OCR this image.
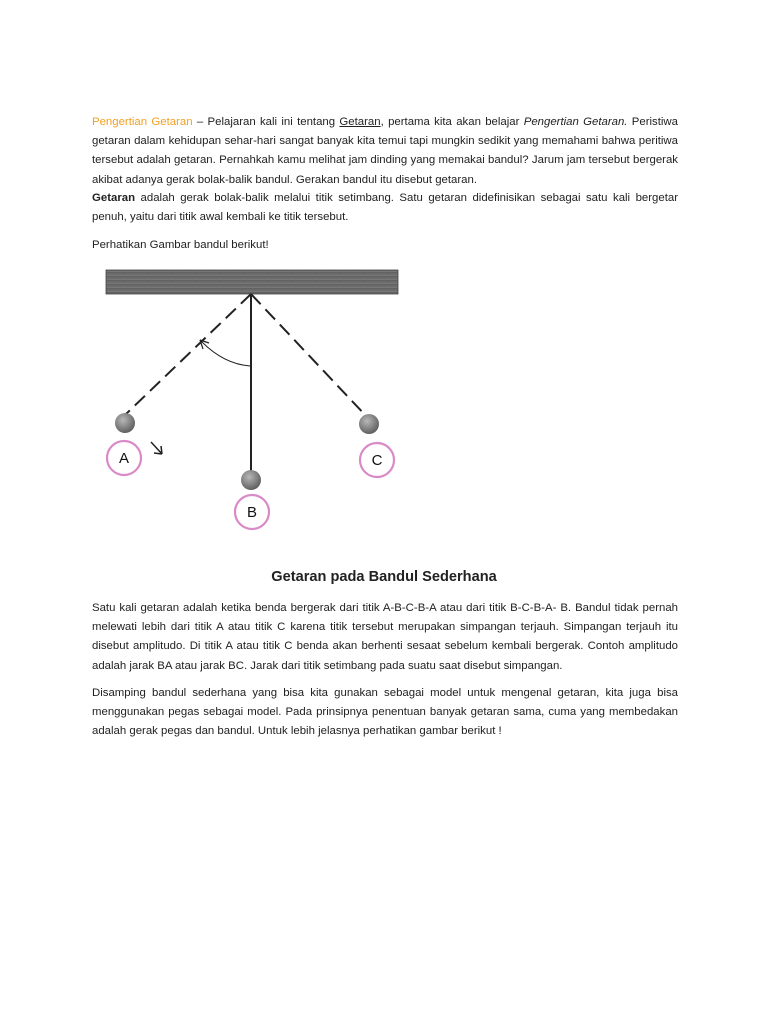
Pengertian Getaran – Pelajaran kali ini tentang Getaran, pertama kita akan belajar Pengertian Getaran. Peristiwa getaran dalam kehidupan sehar-hari sangat banyak kita temui tapi mungkin sedikit yang memahami bahwa peritiwa tersebut adalah getaran. Pernahkah kamu melihat jam dinding yang memakai bandul? Jarum jam tersebut bergerak akibat adanya gerak bolak-balik bandul. Gerakan bandul itu disebut getaran.

Getaran adalah gerak bolak-balik melalui titik setimbang. Satu getaran didefinisikan sebagai satu kali bergetar penuh, yaitu dari titik awal kembali ke titik tersebut.

Perhatikan Gambar bandul berikut!

A
B
C

Getaran pada Bandul Sederhana

Satu kali getaran adalah ketika benda bergerak dari titik A-B-C-B-A atau dari titik B-C-B-A- B. Bandul tidak pernah melewati lebih dari titik A atau titik C karena titik tersebut merupakan simpangan terjauh. Simpangan terjauh itu disebut amplitudo. Di titik A atau titik C benda akan berhenti sesaat sebelum kembali bergerak. Contoh amplitudo adalah jarak BA atau jarak BC. Jarak dari titik setimbang pada suatu saat disebut simpangan.

Disamping bandul sederhana yang bisa kita gunakan sebagai model untuk mengenal getaran, kita juga bisa menggunakan pegas sebagai model. Pada prinsipnya penentuan banyak getaran sama, cuma yang membedakan adalah gerak pegas dan bandul. Untuk lebih jelasnya perhatikan gambar berikut !
